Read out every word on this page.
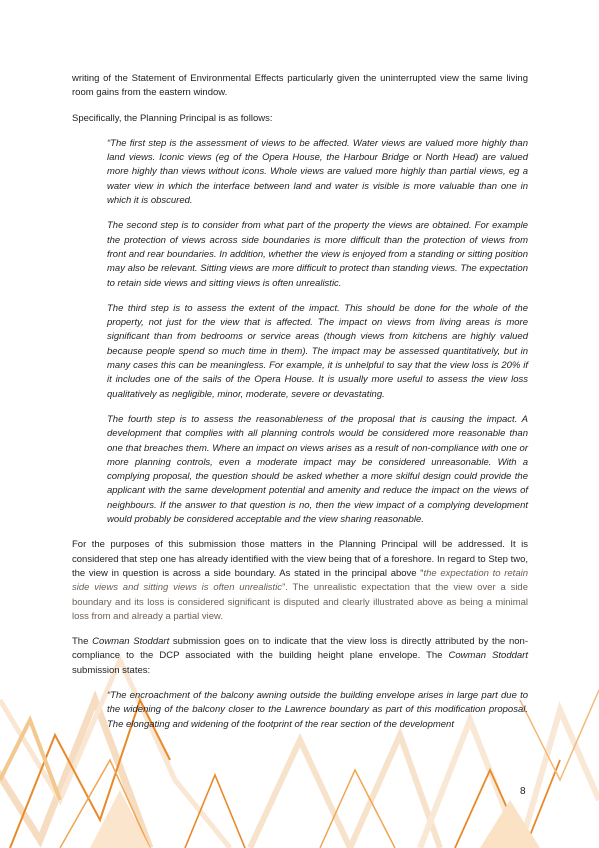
writing of the Statement of Environmental Effects particularly given the uninterrupted view the same living room gains from the eastern window.

Specifically, the Planning Principal is as follows:

“The first step is the assessment of views to be affected. Water views are valued more highly than land views. Iconic views (eg of the Opera House, the Harbour Bridge or North Head) are valued more highly than views without icons. Whole views are valued more highly than partial views, eg a water view in which the interface between land and water is visible is more valuable than one in which it is obscured.

The second step is to consider from what part of the property the views are obtained. For example the protection of views across side boundaries is more difficult than the protection of views from front and rear boundaries. In addition, whether the view is enjoyed from a standing or sitting position may also be relevant. Sitting views are more difficult to protect than standing views. The expectation to retain side views and sitting views is often unrealistic.

The third step is to assess the extent of the impact. This should be done for the whole of the property, not just for the view that is affected. The impact on views from living areas is more significant than from bedrooms or service areas (though views from kitchens are highly valued because people spend so much time in them). The impact may be assessed quantitatively, but in many cases this can be meaningless. For example, it is unhelpful to say that the view loss is 20% if it includes one of the sails of the Opera House. It is usually more useful to assess the view loss qualitatively as negligible, minor, moderate, severe or devastating.

The fourth step is to assess the reasonableness of the proposal that is causing the impact. A development that complies with all planning controls would be considered more reasonable than one that breaches them. Where an impact on views arises as a result of non-compliance with one or more planning controls, even a moderate impact may be considered unreasonable. With a complying proposal, the question should be asked whether a more skilful design could provide the applicant with the same development potential and amenity and reduce the impact on the views of neighbours. If the answer to that question is no, then the view impact of a complying development would probably be considered acceptable and the view sharing reasonable.

For the purposes of this submission those matters in the Planning Principal will be addressed. It is considered that step one has already identified with the view being that of a foreshore. In regard to Step two, the view in question is across a side boundary. As stated in the principal above “the expectation to retain side views and sitting views is often unrealistic”. The unrealistic expectation that the view over a side boundary and its loss is considered significant is disputed and clearly illustrated above as being a minimal loss from and already a partial view.

The Cowman Stoddart submission goes on to indicate that the view loss is directly attributed by the non-compliance to the DCP associated with the building height plane envelope. The Cowman Stoddart submission states:

“The encroachment of the balcony awning outside the building envelope arises in large part due to the widening of the balcony closer to the Lawrence boundary as part of this modification proposal. The elongating and widening of the footprint of the rear section of the development

8
